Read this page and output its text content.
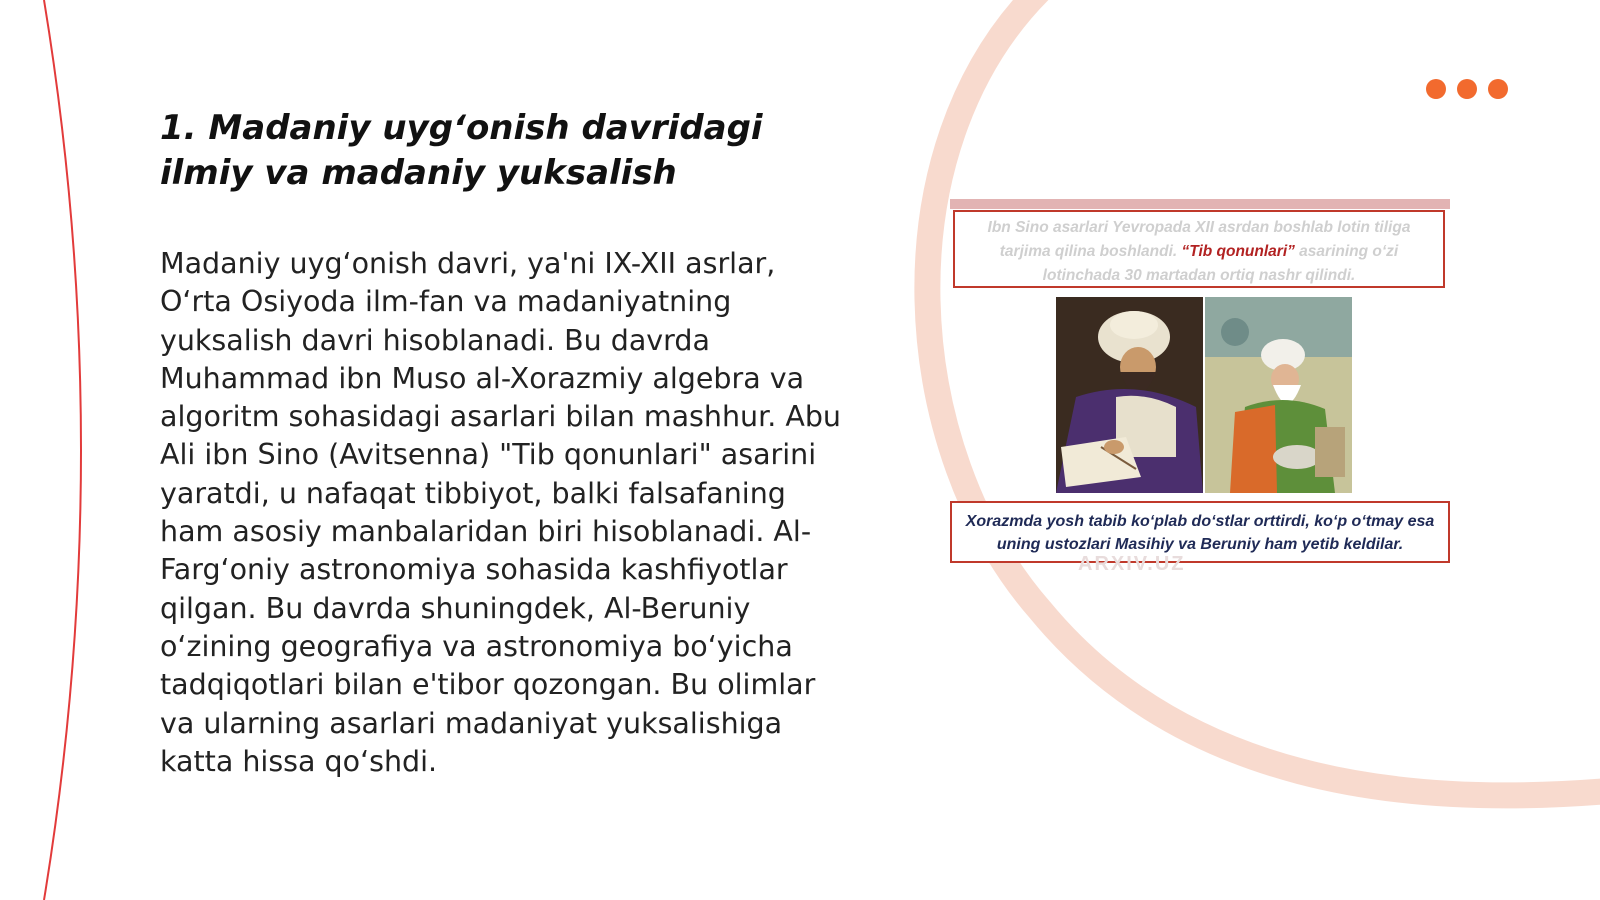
1. Madaniy uyg‘onish davridagi ilmiy va madaniy yuksalish

Madaniy uyg‘onish davri, ya'ni IX-XII asrlar, O‘rta Osiyoda ilm-fan va madaniyatning yuksalish davri hisoblanadi. Bu davrda Muhammad ibn Muso al-Xorazmiy algebra va algoritm sohasidagi asarlari bilan mashhur. Abu Ali ibn Sino (Avitsenna) "Tib qonunlari" asarini yaratdi, u nafaqat tibbiyot, balki falsafaning ham asosiy manbalaridan biri hisoblanadi. Al-Farg‘oniy astronomiya sohasida kashfiyotlar qilgan. Bu davrda shuningdek, Al-Beruniy o‘zining geografiya va astronomiya bo‘yicha tadqiqotlari bilan e'tibor qozongan. Bu olimlar va ularning asarlari madaniyat yuksalishiga katta hissa qo‘shdi.

Ibn Sino asarlari Yevropada XII asrdan boshlab lotin tiliga tarjima qilina boshlandi. “Tib qonunlari” asarining o‘zi lotinchada 30 martadan ortiq nashr qilindi.
Xorazmda yosh tabib ko‘plab do‘stlar orttirdi, ko‘p o‘tmay esa uning ustozlari Masihiy va Beruniy ham yetib keldilar.
ARXIV.UZ
